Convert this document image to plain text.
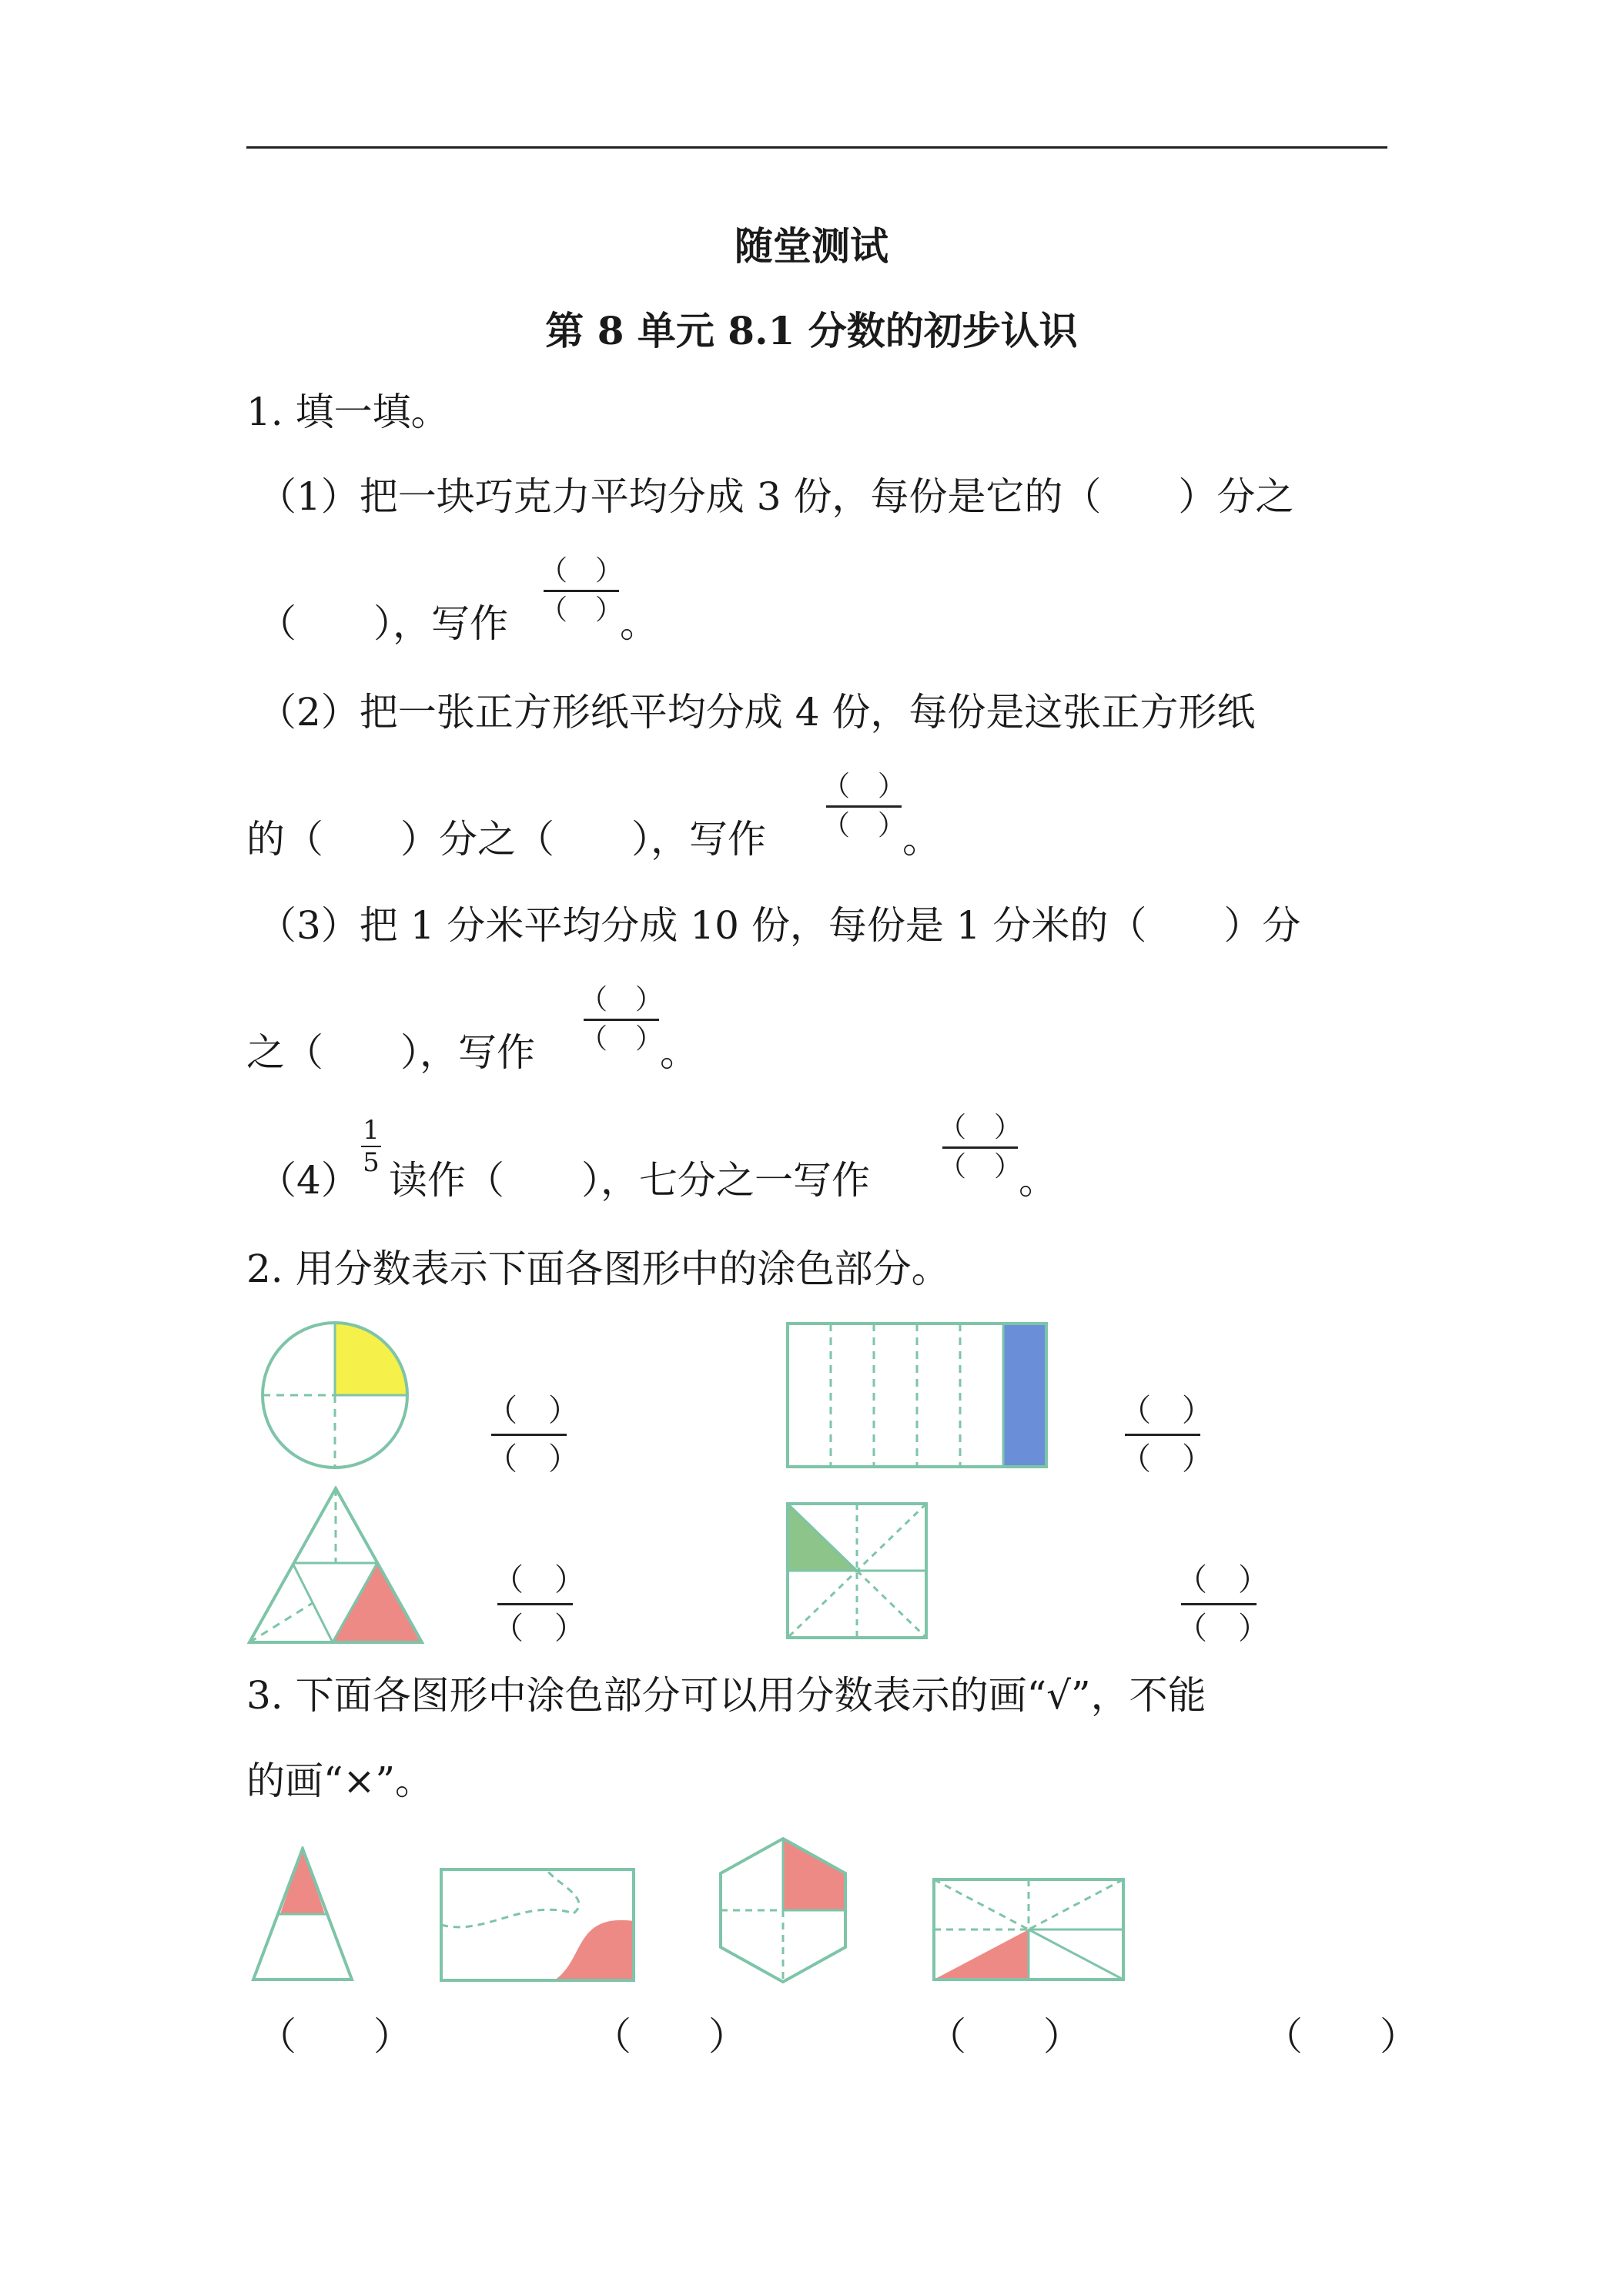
随堂测试
第 8 单元 8.1 分数的初步认识
1. 填一填。
（1）把一块巧克力平均分成 3 份，每份是它的（　　）分之
（　　），写作
（　）
（　）
。
（2）把一张正方形纸平均分成 4 份，每份是这张正方形纸
的（　　）分之（　　），写作
（　）
（　）
。
（3）把 1 分米平均分成 10 份，每份是 1 分米的（　　）分
之（　　），写作
（　）
（　）
。
（4）
1
5 读作（　　），七分之一写作
（　）
（　）
。
2. 用分数表示下面各图形中的涂色部分。
（　）
（　）
（　）
（　）
（　）
（　）
（　）
（　）
3. 下面各图形中涂色部分可以用分数表示的画“√”，不能
的画“×”。
（　　）	（　　）	（　　）	（　　）
